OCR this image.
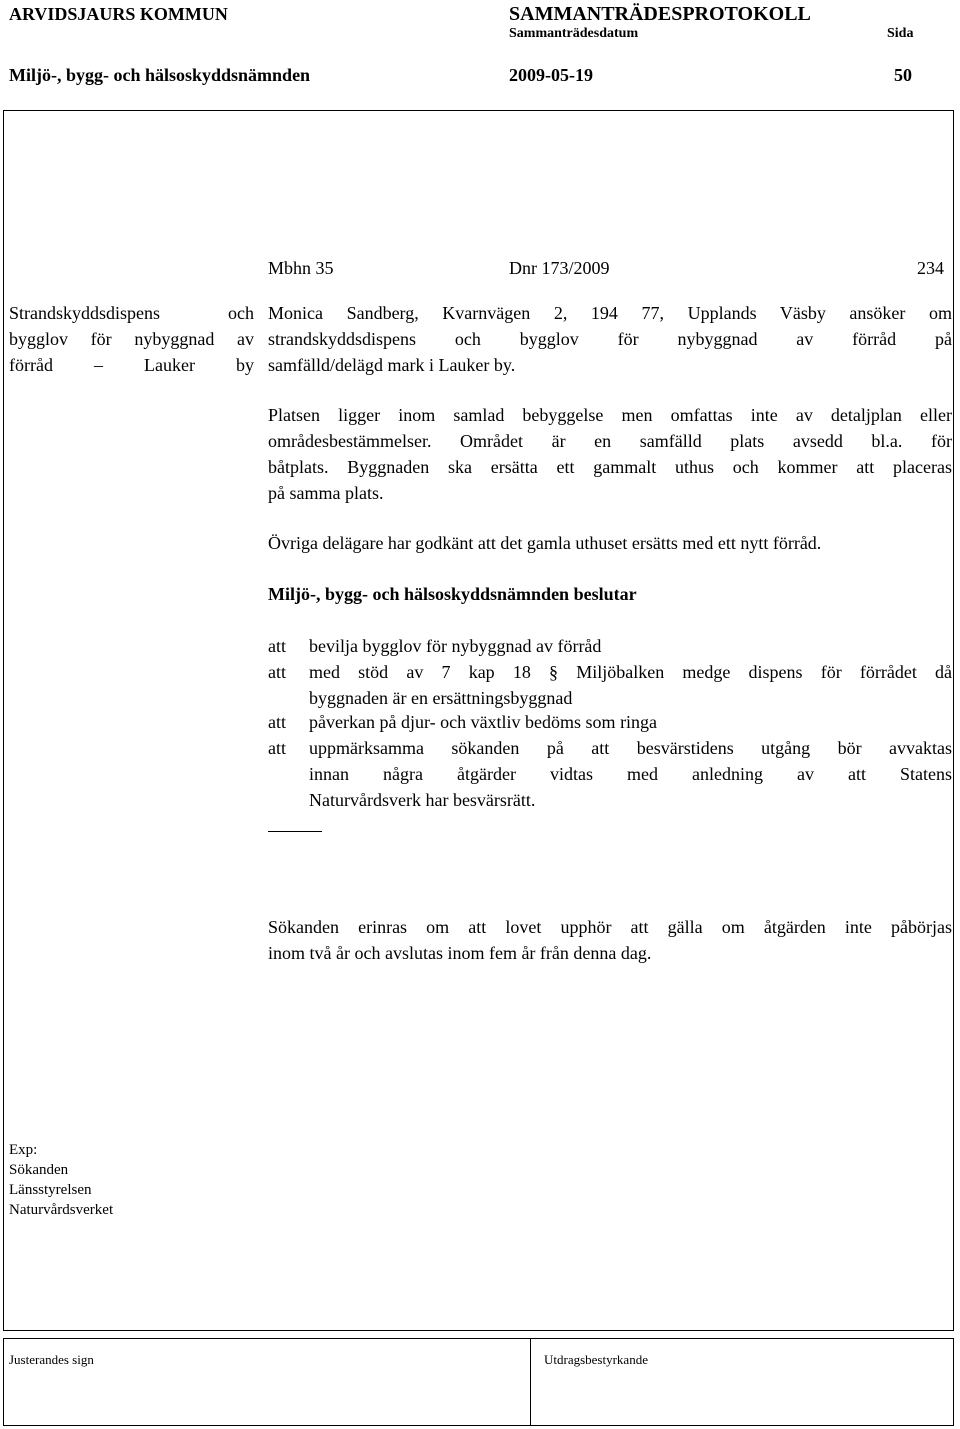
ARVIDSJAURS KOMMUN	SAMMANTRÄDESPROTOKOLL
Sammanträdesdatum	Sida
Miljö-, bygg- och hälsoskyddsnämnden	2009-05-19	50
Mbhn 35	Dnr 173/2009	234
Strandskyddsdispens och
bygglov för nybyggnad av
förråd – Lauker by
Monica Sandberg, Kvarnvägen 2, 194 77, Upplands Väsby ansöker om
strandskyddsdispens och bygglov för nybyggnad av förråd på
samfälld/delägd mark i Lauker by.
Platsen ligger inom samlad bebyggelse men omfattas inte av detaljplan eller
områdesbestämmelser. Området är en samfälld plats avsedd bl.a. för
båtplats. Byggnaden ska ersätta ett gammalt uthus och kommer att placeras
på samma plats.
Övriga delägare har godkänt att det gamla uthuset ersätts med ett nytt förråd.
Miljö-, bygg- och hälsoskyddsnämnden beslutar
att bevilja bygglov för nybyggnad av förråd
att med stöd av 7 kap 18 § Miljöbalken medge dispens för förrådet då
byggnaden är en ersättningsbyggnad
att påverkan på djur- och växtliv bedöms som ringa
att uppmärksamma sökanden på att besvärstidens utgång bör avvaktas
innan några åtgärder vidtas med anledning av att Statens
Naturvårdsverk har besvärsrätt.
Sökanden erinras om att lovet upphör att gälla om åtgärden inte påbörjas
inom två år och avslutas inom fem år från denna dag.
Exp:
Sökanden
Länsstyrelsen
Naturvårdsverket
Justerandes sign	Utdragsbestyrkande
